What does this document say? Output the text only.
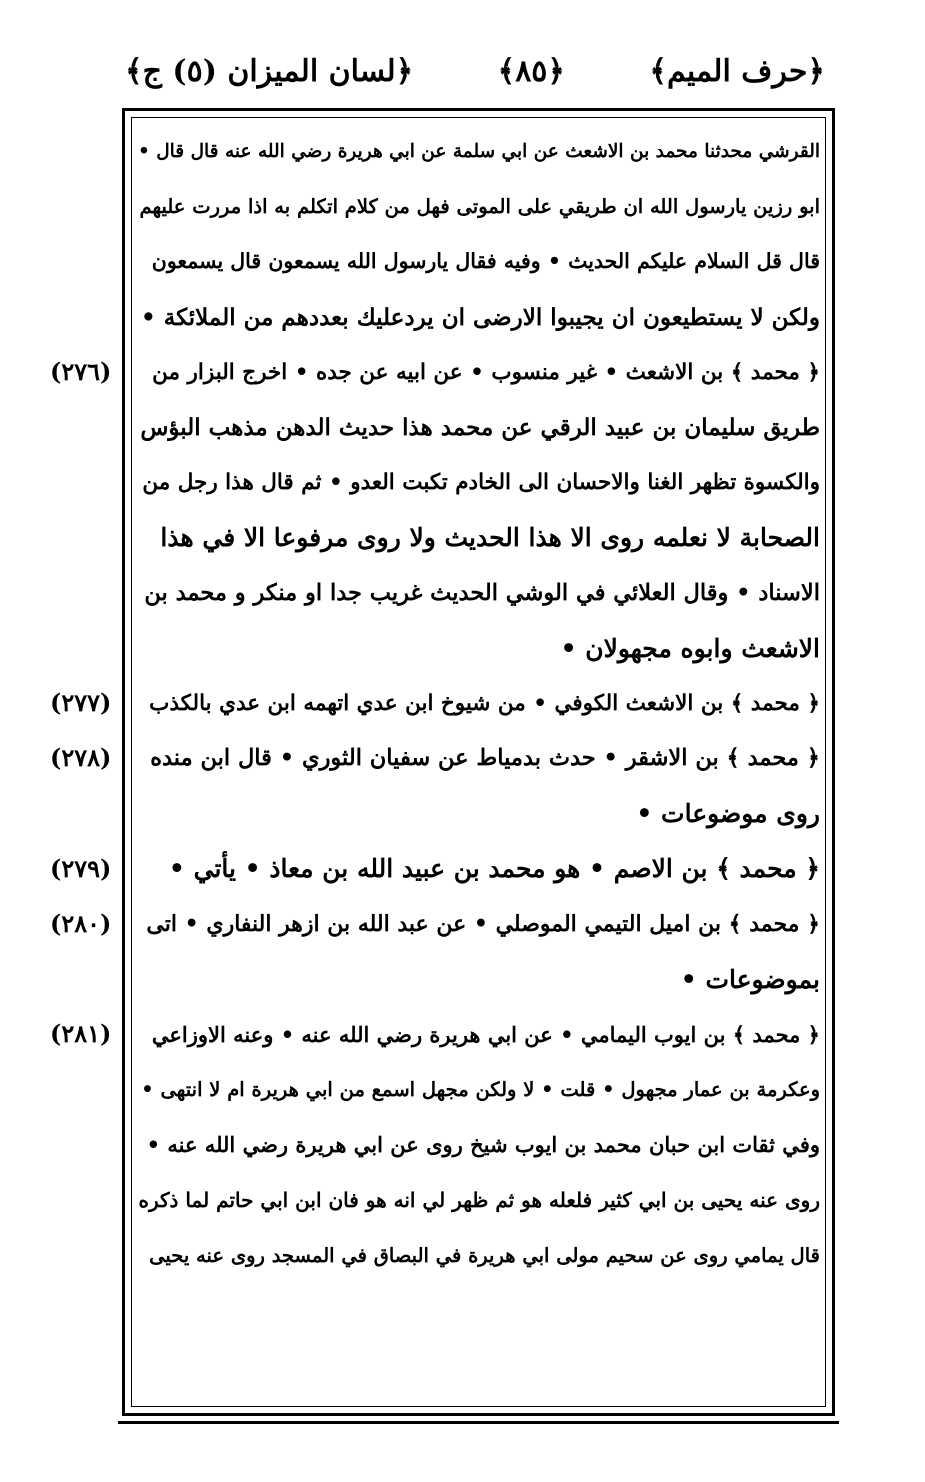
﴿حرف الميم﴾
﴿٨٥﴾
﴿لسان الميزان (٥) ج﴾
القرشي محدثنا محمد بن الاشعث عن ابي سلمة عن ابي هريرة رضي الله عنه قال قال •
ابو رزين يارسول الله ان طريقي على الموتى فهل من كلام اتكلم به اذا مررت عليهم
قال قل السلام عليكم الحديث • وفيه فقال يارسول الله يسمعون قال يسمعون
ولكن لا يستطيعون ان يجيبوا الارضى ان يردعليك بعددهم من الملائكة •
﴿ محمد ﴾ بن الاشعث • غير منسوب • عن ابيه عن جده • اخرج البزار من
طريق سليمان بن عبيد الرقي عن محمد هذا حديث الدهن مذهب البؤس
والكسوة تظهر الغنا والاحسان الى الخادم تكبت العدو • ثم قال هذا رجل من
الصحابة لا نعلمه روى الا هذا الحديث ولا روى مرفوعا الا في هذا
الاسناد • وقال العلائي في الوشي الحديث غريب جدا او منكر و محمد بن
الاشعث وابوه مجهولان •
﴿ محمد ﴾ بن الاشعث الكوفي • من شيوخ ابن عدي اتهمه ابن عدي بالكذب
﴿ محمد ﴾ بن الاشقر • حدث بدمياط عن سفيان الثوري • قال ابن منده
روى موضوعات •
﴿ محمد ﴾ بن الاصم • هو محمد بن عبيد الله بن معاذ • يأتي •
﴿ محمد ﴾ بن اميل التيمي الموصلي • عن عبد الله بن ازهر النفاري • اتى
بموضوعات •
﴿ محمد ﴾ بن ايوب اليمامي • عن ابي هريرة رضي الله عنه • وعنه الاوزاعي
وعكرمة بن عمار مجهول • قلت • لا ولكن مجهل اسمع من ابي هريرة ام لا انتهى •
وفي ثقات ابن حبان محمد بن ايوب شيخ روى عن ابي هريرة رضي الله عنه •
روى عنه يحيى بن ابي كثير فلعله هو ثم ظهر لي انه هو فان ابن ابي حاتم لما ذكره
قال يمامي روى عن سحيم مولى ابي هريرة في البصاق في المسجد روى عنه يحيى
(٢٧٦)
(٢٧٧)
(٢٧٨)
(٢٧٩)
(٢٨٠)
(٢٨١)
